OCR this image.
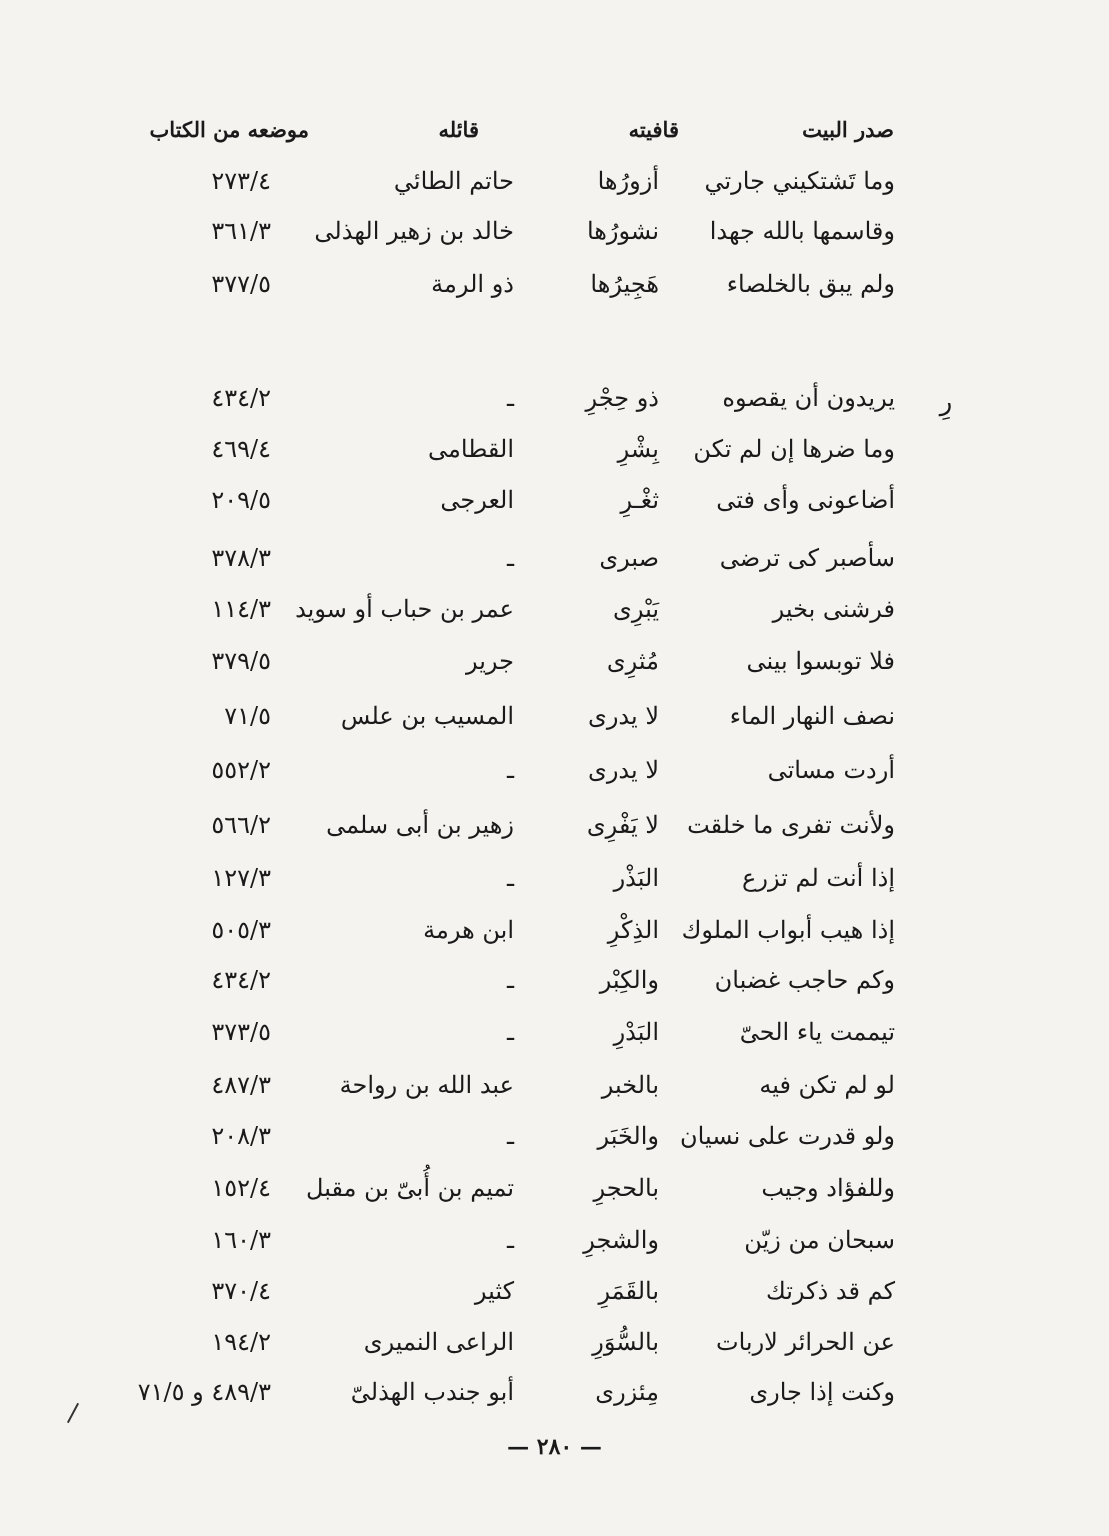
صدر البيت
قافيته
قائله
موضعه من الكتاب
رِ
وما تَشتكيني جارتي
أزورُها
حاتم الطائي
٢٧٣/٤
وقاسمها بالله جهدا
نشورُها
خالد بن زهير الهذلى
٣٦١/٣
ولم يبق بالخلصاء
هَجِيرُها
ذو الرمة
٣٧٧/٥
يريدون أن يقصوه
ذو حِجْرِ
ـ
٤٣٤/٢
وما ضرها إن لم تكن
بِشْرِ
القطامى
٤٦٩/٤
أضاعونى وأى فتى
ثغْـرِ
العرجى
٢٠٩/٥
سأصبر كى ترضى
صبرى
ـ
٣٧٨/٣
فرشنى بخير
يَبْرِى
عمر بن حباب أو سويد
١١٤/٣
فلا توبسوا بينى
مُثرِى
جرير
٣٧٩/٥
نصف النهار الماء
لا يدرى
المسيب بن علس
٧١/٥
أردت مساتى
لا يدرى
ـ
٥٥٢/٢
ولأنت تفرى ما خلقت
لا يَفْرِى
زهير بن أبى سلمى
٥٦٦/٢
إذا أنت لم تزرع
البَذْر
ـ
١٢٧/٣
إذا هيب أبواب الملوك
الذِكْرِ
ابن هرمة
٥٠٥/٣
وكم حاجب غضبان
والكِبْر
ـ
٤٣٤/٢
تيممت ياء الحىّ
البَدْرِ
ـ
٣٧٣/٥
لو لم تكن فيه
بالخبر
عبد الله بن رواحة
٤٨٧/٣
ولو قدرت على نسيان
والخَبَر
ـ
٢٠٨/٣
وللفؤاد وجيب
بالحجرِ
تميم بن أُبىّ بن مقبل
١٥٢/٤
سبحان من زيّن
والشجرِ
ـ
١٦٠/٣
كم قد ذكرتك
بالقَمَرِ
كثير
٣٧٠/٤
عن الحرائر لاربات
بالسُّوَرِ
الراعى النميرى
١٩٤/٢
وكنت إذا جارى
مِئزرى
أبو جندب الهذلىّ
٤٨٩/٣ و ٧١/٥
— ٢٨٠ —
